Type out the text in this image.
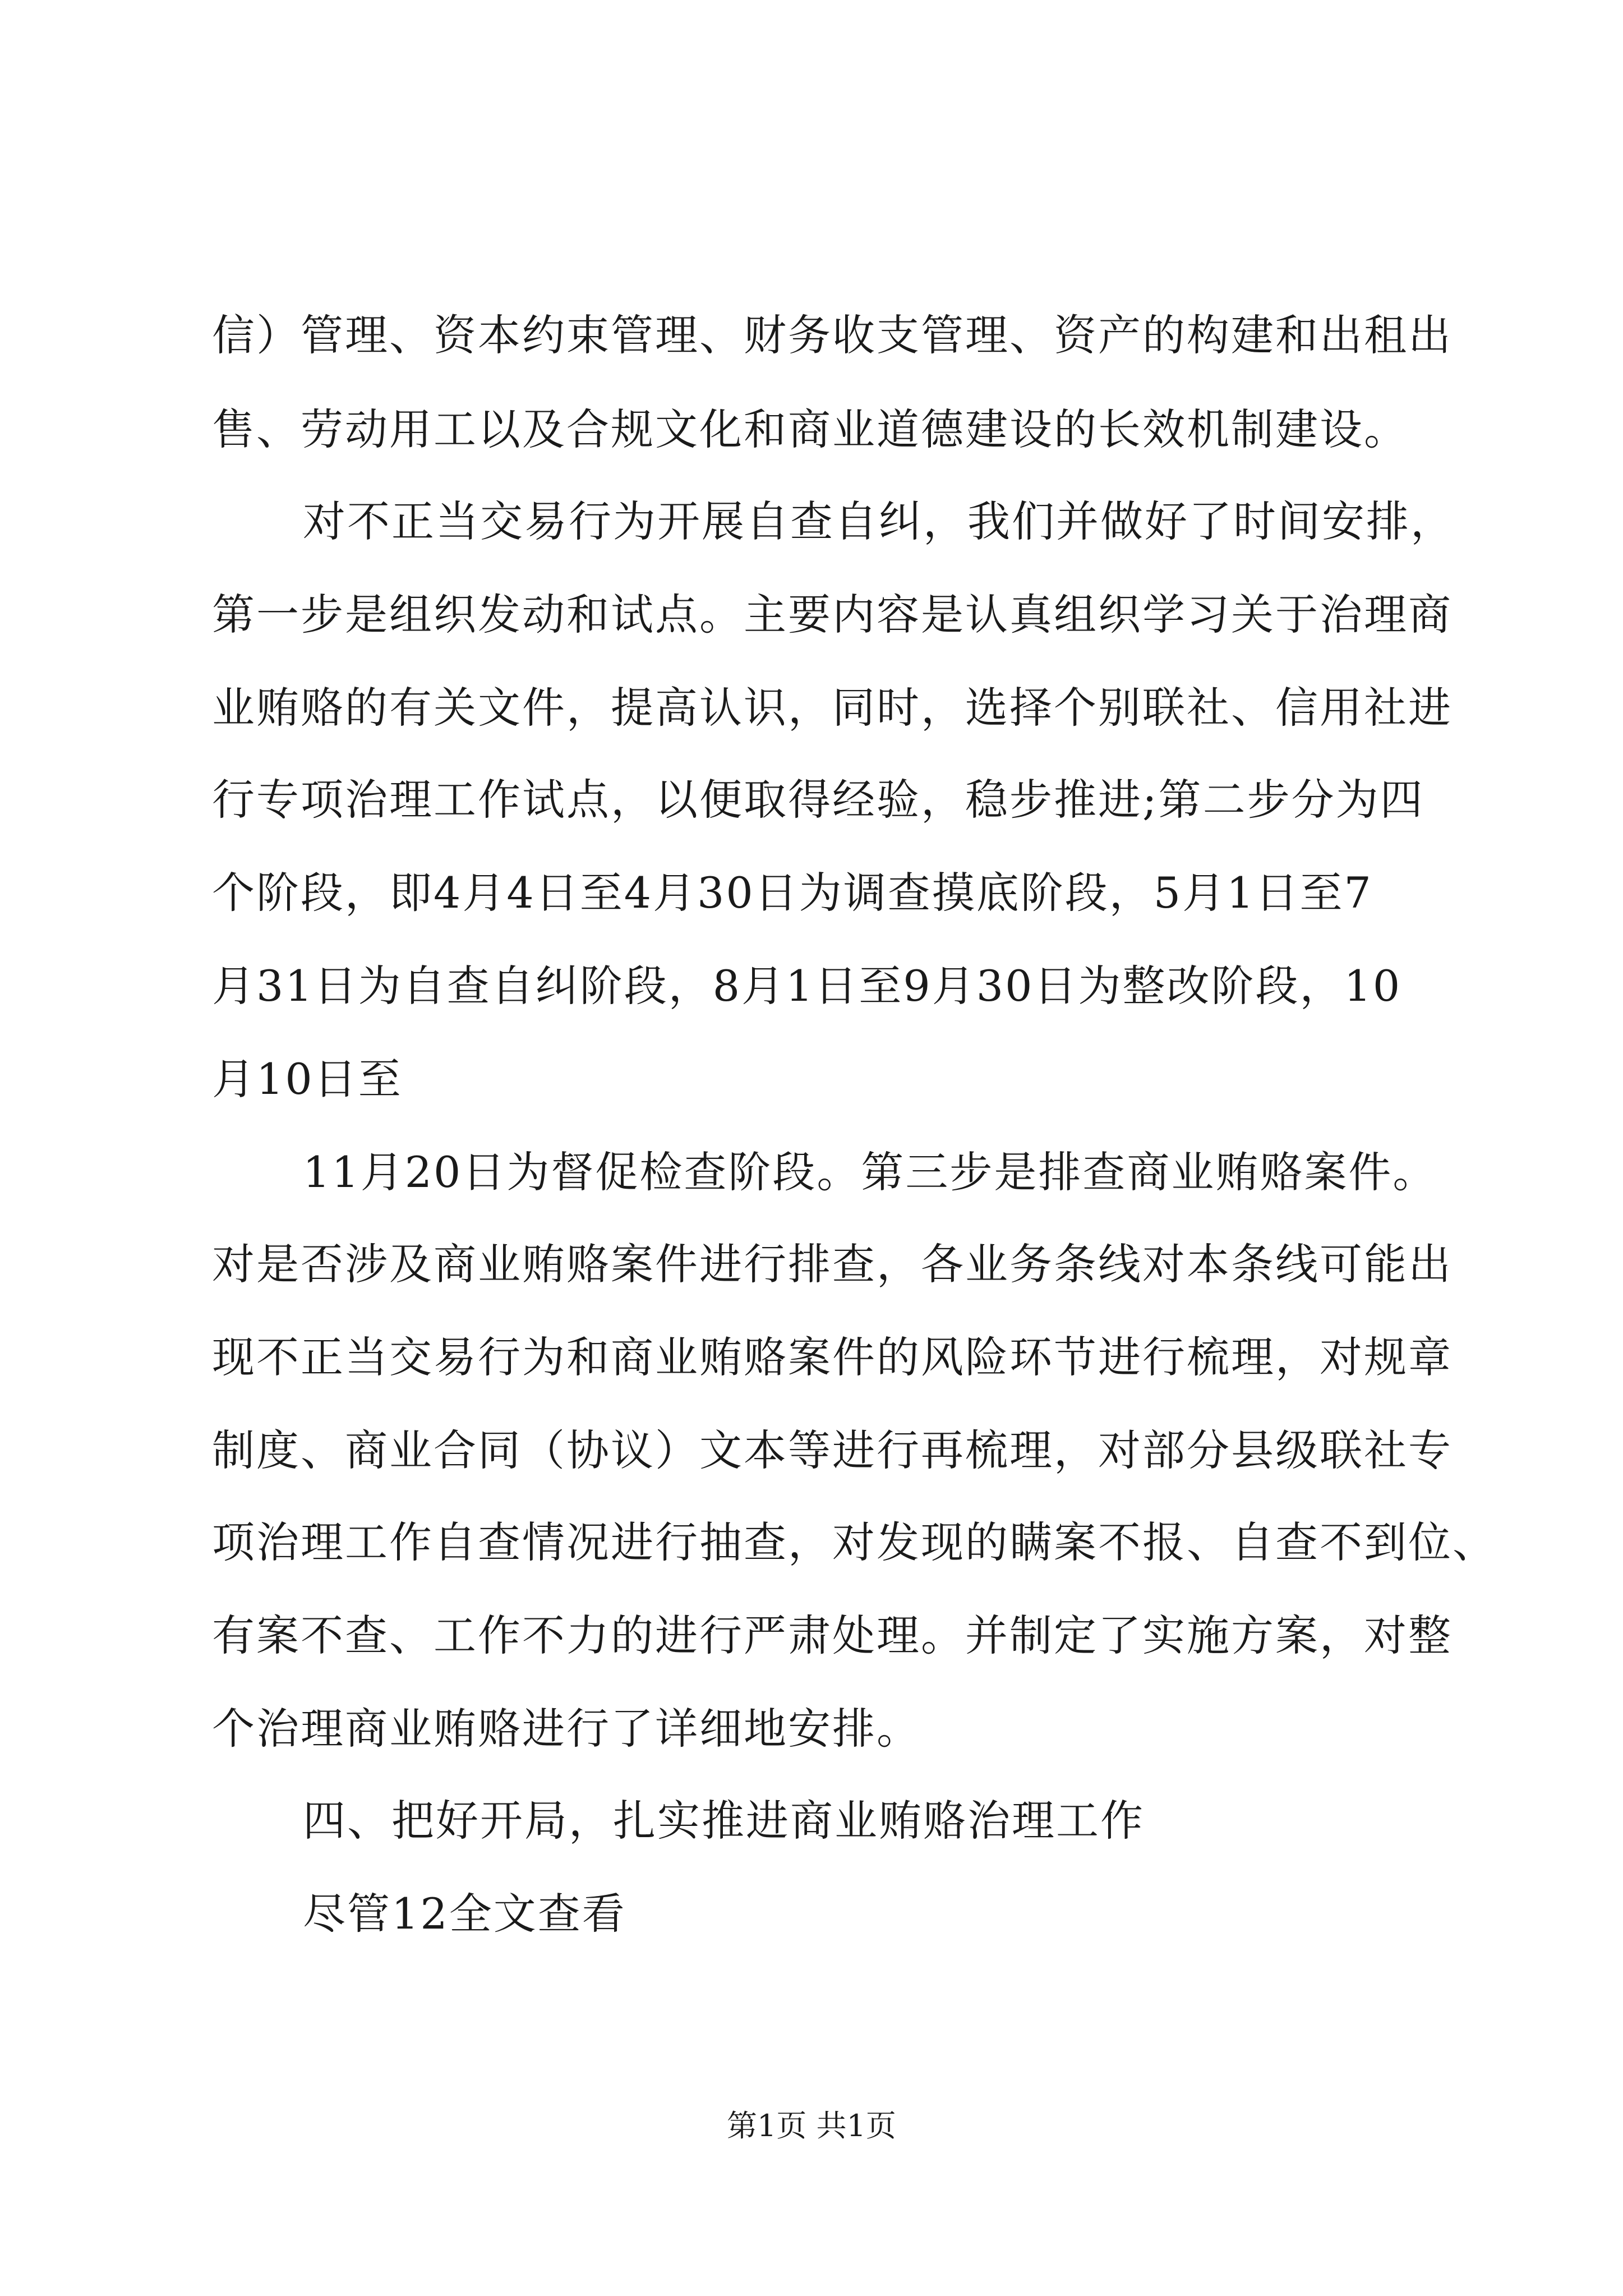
信）管理、资本约束管理、财务收支管理、资产的构建和出租出
售、劳动用工以及合规文化和商业道德建设的长效机制建设。
对不正当交易行为开展自查自纠，我们并做好了时间安排，
第一步是组织发动和试点。主要内容是认真组织学习关于治理商
业贿赂的有关文件，提高认识，同时，选择个别联社、信用社进
行专项治理工作试点，以便取得经验，稳步推进;第二步分为四
个阶段，即4月4日至4月30日为调查摸底阶段，5月1日至7
月31日为自查自纠阶段，8月1日至9月30日为整改阶段，10
月10日至
11月20日为督促检查阶段。第三步是排查商业贿赂案件。
对是否涉及商业贿赂案件进行排查，各业务条线对本条线可能出
现不正当交易行为和商业贿赂案件的风险环节进行梳理，对规章
制度、商业合同（协议）文本等进行再梳理，对部分县级联社专
项治理工作自查情况进行抽查，对发现的瞒案不报、自查不到位、
有案不查、工作不力的进行严肃处理。并制定了实施方案，对整
个治理商业贿赂进行了详细地安排。
四、把好开局，扎实推进商业贿赂治理工作
尽管12全文查看
第1页 共1页
